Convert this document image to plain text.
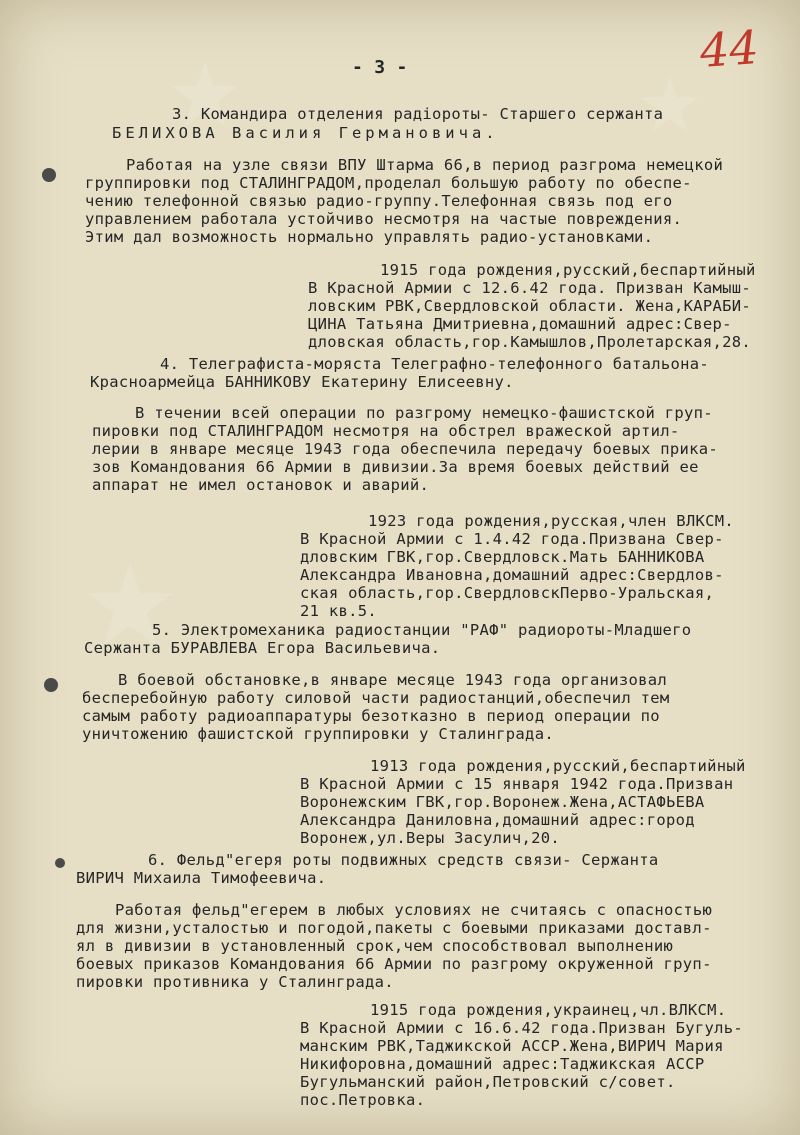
- 3 -	44
3. Командира отделения радioроты- Старшего сержанта
БЕЛИХОВА Василия Германовича.
Работая на узле связи ВПУ Штарма 66,в период разгрома немецкой
группировки под СТАЛИНГРАДОМ,проделал большую работу по обеспе-
чению телефонной связью радио-группу.Телефонная связь под его
управлением работала устойчиво несмотря на частые повреждения.
Этим дал возможность нормально управлять радио-установками.
1915 года рождения,русский,беспартийный
В Красной Армии с 12.6.42 года. Призван Камыш-
ловским РВК,Свердловской области. Жена,КАРАБИ-
ЦИНА Татьяна Дмитриевна,домашний адрес:Свер-
дловская область,гор.Камышлов,Пролетарская,28.
4. Телеграфиста-моряста Телеграфно-телефонного батальона-
Красноармейца БАННИКОВУ Екатерину Елисеевну.
В течении всей операции по разгрому немецко-фашистской груп-
пировки под СТАЛИНГРАДОМ несмотря на обстрел вражеской артил-
лерии в январе месяце 1943 года обеспечила передачу боевых прика-
зов Командования 66 Армии в дивизии.За время боевых действий ее
аппарат не имел остановок и аварий.
1923 года рождения,русская,член ВЛКСМ.
В Красной Армии с 1.4.42 года.Призвана Свер-
дловским ГВК,гор.Свердловск.Мать БАННИКОВА
Александра Ивановна,домашний адрес:Свердлов-
ская область,гор.СвердловскПерво-Уральская,
21 кв.5.
5. Электромеханика радиостанции "РАФ" радиороты-Младшего
Сержанта БУРАВЛЕВА Егора Васильевича.
В боевой обстановке,в январе месяце 1943 года организовал
бесперебойную работу силовой части радиостанций,обеспечил тем
самым работу радиоаппаратуры безотказно в период операции по
уничтожению фашистской группировки у Сталинграда.
1913 года рождения,русский,беспартийный
В Красной Армии с 15 января 1942 года.Призван
Воронежским ГВК,гор.Воронеж.Жена,АСТАФЬЕВА
Александра Даниловна,домашний адрес:город
Воронеж,ул.Веры Засулич,20.
6. Фельд"егеря роты подвижных средств связи- Сержанта
ВИРИЧ Михаила Тимофеевича.
Работая фельд"егерем в любых условиях не считаясь с опасностью
для жизни,усталостью и погодой,пакеты с боевыми приказами доставл-
ял в дивизии в установленный срок,чем способствовал выполнению
боевых приказов Командования 66 Армии по разгрому окруженной груп-
пировки противника у Сталинграда.
1915 года рождения,украинец,чл.ВЛКСМ.
В Красной Армии с 16.6.42 года.Призван Бугуль-
манским РВК,Таджикской АССР.Жена,ВИРИЧ Мария
Никифоровна,домашний адрес:Таджикская АССР
Бугульманский район,Петровский с/совет.
пос.Петровка.
